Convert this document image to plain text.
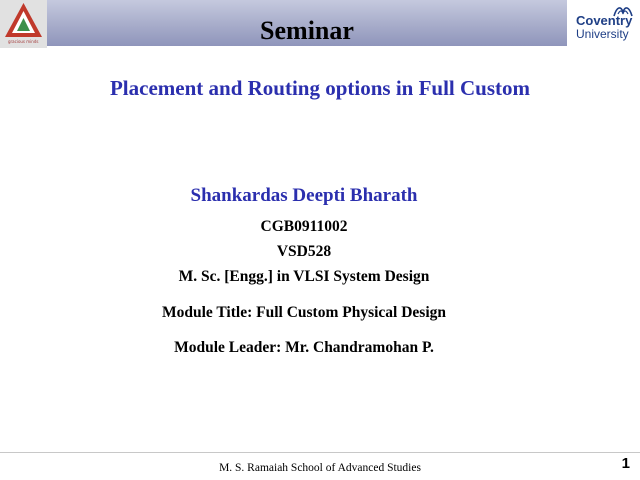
gracious minds	Seminar	Coventry
University
Placement and Routing options in Full Custom
Shankardas Deepti Bharath
CGB0911002
VSD528
M. Sc. [Engg.] in VLSI System Design
Module Title: Full Custom Physical Design
Module Leader: Mr. Chandramohan P.
M. S. Ramaiah School of Advanced Studies	1
